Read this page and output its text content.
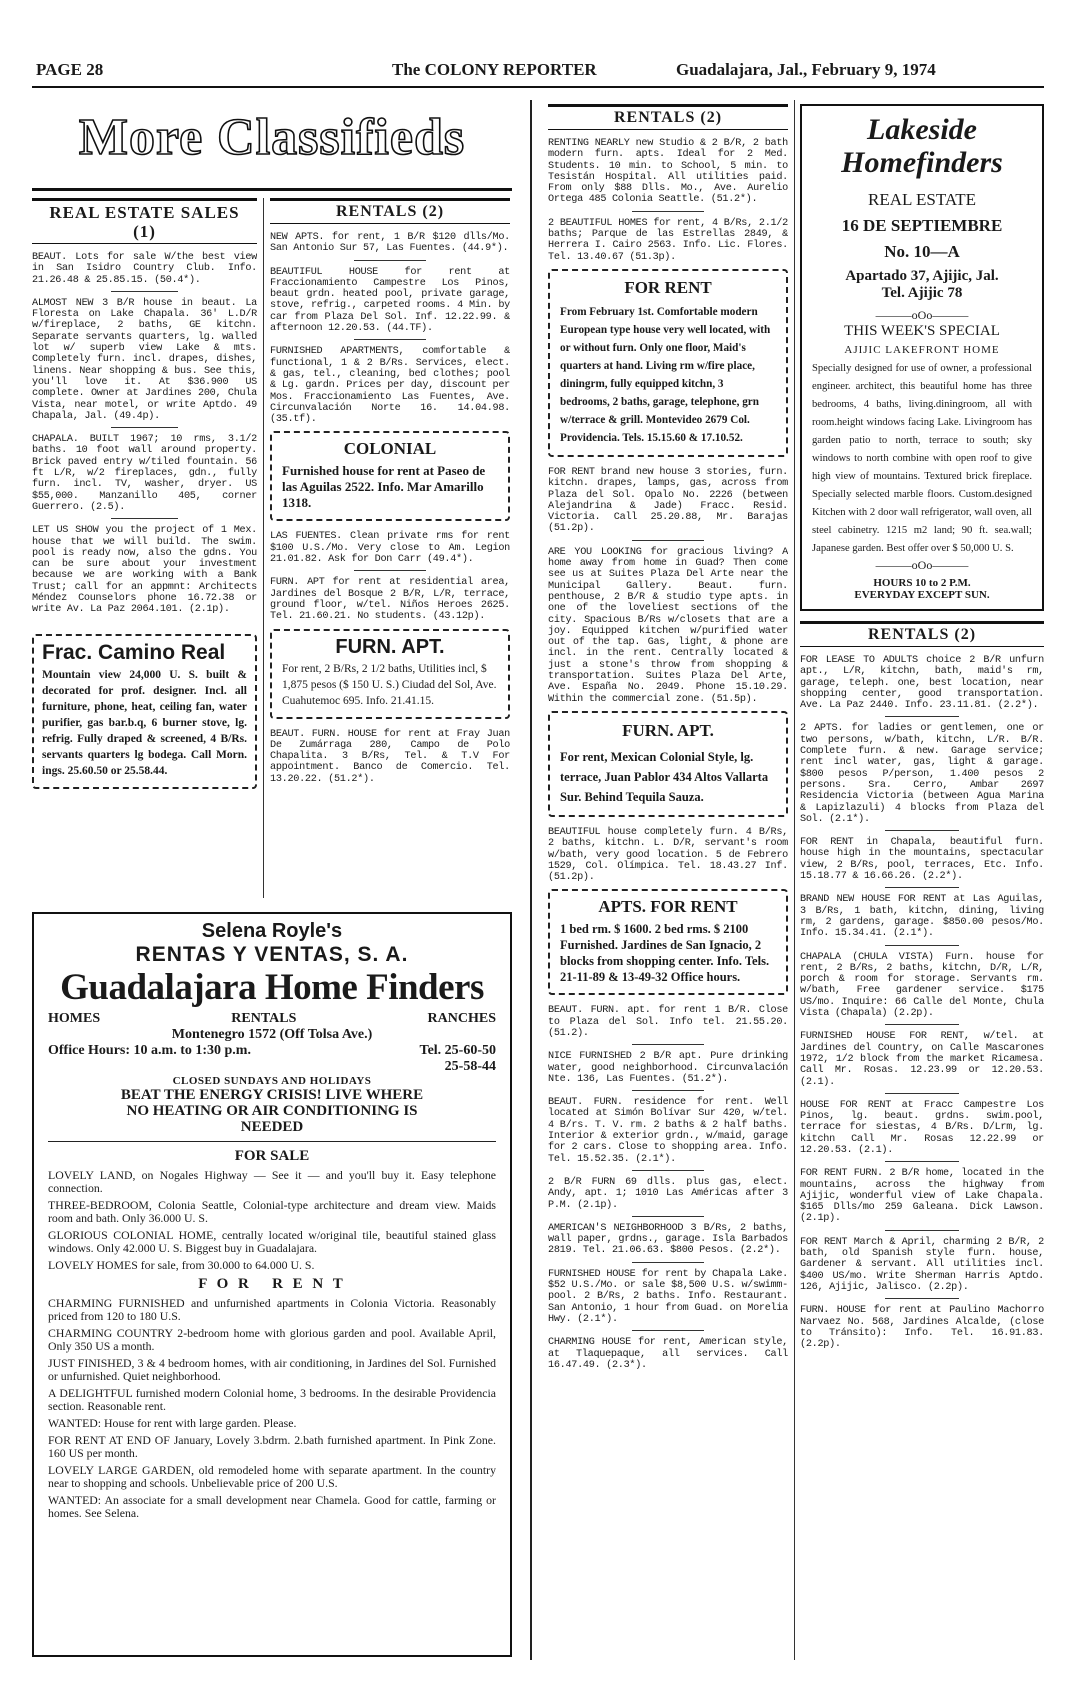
PAGE 28	The COLONY REPORTER	Guadalajara, Jal., February 9, 1974
More Classifieds
REAL ESTATE SALES
(1)
BEAUT. Lots for sale W/the best view in San Isidro Country Club. Info. 21.26.48 & 25.85.15. (50.4*).
ALMOST NEW 3 B/R house in beaut. La Floresta on Lake Chapala. 36' L.D/R w/fireplace, 2 baths, GE kitchn. Separate servants quarters, lg. walled lot w/ superb view Lake & mts. Completely furn. incl. drapes, dishes, linens. Near shopping & bus. See this, you'll love it. At $36.900 US complete. Owner at Jardines 200, Chula Vista, near motel, or write Aptdo. 49 Chapala, Jal. (49.4p).
CHAPALA. BUILT 1967; 10 rms, 3.1/2 baths. 10 foot wall around property. Brick paved entry w/tiled fountain. 56 ft L/R, w/2 fireplaces, gdn., fully furn. incl. TV, washer, dryer. US $55,000. Manzanillo 405, corner Guerrero. (2.5).
LET US SHOW you the project of 1 Mex. house that we will build. The swim. pool is ready now, also the gdns. You can be sure about your investment because we are working with a Bank Trust; call for an appmnt: Architects Méndez Counselors phone 16.72.38 or write Av. La Paz 2064.101. (2.1p).
Frac. Camino Real
Mountain view 24,000 U. S. built & decorated for prof. designer. Incl. all furniture, phone, heat, ceiling fan, water purifier, gas bar.b.q, 6 burner stove, lg. refrig. Fully draped & screened, 4 B/Rs. servants quarters lg bodega. Call Morn. ings. 25.60.50 or 25.58.44.
RENTALS (2)
NEW APTS. for rent, 1 B/R $120 dlls/Mo. San Antonio Sur 57, Las Fuentes. (44.9*).
BEAUTIFUL HOUSE for rent at Fraccionamiento Campestre Los Pinos, beaut grdn. heated pool, private garage, stove, refrig., carpeted rooms. 4 Min. by car from Plaza Del Sol. Inf. 12.22.99. & afternoon 12.20.53. (44.TF).
FURNISHED APARTMENTS, comfortable & functional, 1 & 2 B/Rs. Services, elect. & gas, tel., cleaning, bed clothes; pool & Lg. gardn. Prices per day, discount per Mos. Fraccionamiento Las Fuentes, Ave. Circunvalación Norte 16. 14.04.98. (35.tf).
COLONIAL
Furnished house for rent at Paseo de las Aguilas 2522. Info. Mar Amarillo 1318.
LAS FUENTES. Clean private rms for rent $100 U.S./Mo. Very close to Am. Legion 21.01.82. Ask for Don Carr (49.4*).
FURN. APT for rent at residential area, Jardines del Bosque 2 B/R, L/R, terrace, ground floor, w/tel. Niños Heroes 2625. Tel. 21.60.21. No students. (43.12p).
FURN. APT.
For rent, 2 B/Rs, 2 1/2 baths, Utilities incl, $ 1,875 pesos ($ 150 U. S.) Ciudad del Sol, Ave. Cuahutemoc 695. Info. 21.41.15.
BEAUT. FURN. HOUSE for rent at Fray Juan De Zumárraga 280, Campo de Polo Chapalita. 3 B/Rs, Tel. & T.V For appointment. Banco de Comercio. Tel. 13.20.22. (51.2*).
Selena Royle's
RENTAS Y VENTAS, S. A.
Guadalajara Home Finders
HOMES	RENTALS	RANCHES
Montenegro 1572 (Off Tolsa Ave.)
Office Hours: 10 a.m. to 1:30 p.m.	Tel. 25-60-50
25-58-44
CLOSED SUNDAYS AND HOLIDAYS
BEAT THE ENERGY CRISIS! LIVE WHERE NO HEATING OR AIR CONDITIONING IS NEEDED
FOR SALE

LOVELY LAND, on Nogales Highway — See it — and you'll buy it. Easy telephone connection.

THREE-BEDROOM, Colonia Seattle, Colonial-type architecture and dream view. Maids room and bath. Only 36.000 U. S.

GLORIOUS COLONIAL HOME, centrally located w/original tile, beautiful stained glass windows. Only 42.000 U. S. Biggest buy in Guadalajara.

LOVELY HOMES for sale, from 30.000 to 64.000 U. S.

F O R   R E N T

CHARMING FURNISHED and unfurnished apartments in Colonia Victoria. Reasonably priced from 120 to 180 U.S.

CHARMING COUNTRY 2-bedroom home with glorious garden and pool. Available April, Only 350 US a month.

JUST FINISHED, 3 & 4 bedroom homes, with air conditioning, in Jardines del Sol. Furnished or unfurnished. Quiet neighborhood.

A DELIGHTFUL furnished modern Colonial home, 3 bedrooms. In the desirable Providencia section. Reasonable rent.

WANTED: House for rent with large garden. Please.

FOR RENT AT END OF January, Lovely 3.bdrm. 2.bath furnished apartment. In Pink Zone. 160 US per month.

LOVELY LARGE GARDEN, old remodeled home with separate apartment. In the country near to shopping and schools. Unbelievable price of 200 U.S.

WANTED: An associate for a small development near Chamela. Good for cattle, farming or homes. See Selena.

RENTALS (2)
RENTING NEARLY new Studio & 2 B/R, 2 bath modern furn. apts. Ideal for 2 Med. Students. 10 min. to School, 5 min. to Tesistán Hospital. All utilities paid. From only $88 Dlls. Mo., Ave. Aurelio Ortega 485 Colonia Seattle. (51.2*).
2 BEAUTIFUL HOMES for rent, 4 B/Rs, 2.1/2 baths; Parque de las Estrellas 2849, & Herrera I. Cairo 2563. Info. Lic. Flores. Tel. 13.40.67 (51.3p).
FOR RENT
From February 1st. Comfortable modern European type house very well located, with or without furn. Only one floor, Maid's quarters at hand. Living rm w/fire place, diningrm, fully equipped kitchn, 3 bedrooms, 2 baths, garage, telephone, grn w/terrace & grill. Montevideo 2679 Col. Providencia. Tels. 15.15.60 & 17.10.52.
FOR RENT brand new house 3 stories, furn. kitchn. drapes, lamps, gas, across from Plaza del Sol. Opalo No. 2226 (between Alejandrina & Jade) Fracc. Resid. Victoria. Call 25.20.88, Mr. Barajas (51.2p).
ARE YOU LOOKING for gracious living? A home away from home in Guad? Then come see us at Suites Plaza Del Arte near the Municipal Gallery. Beaut. furn. penthouse, 2 B/R & studio type apts. in one of the loveliest sections of the city. Spacious B/Rs w/closets that are a joy. Equipped kitchen w/purified water out of the tap. Gas, light, & phone are incl. in the rent. Centrally located & just a stone's throw from shopping & transportation. Suites Plaza Del Arte, Ave. España No. 2049. Phone 15.10.29. Within the commercial zone. (51.5p).
FURN. APT.
For rent, Mexican Colonial Style, lg. terrace, Juan Pablor 434 Altos Vallarta Sur. Behind Tequila Sauza.
BEAUTIFUL house completely furn. 4 B/Rs, 2 baths, kitchn. L. D/R, servant's room w/bath, very good location. 5 de Febrero 1529, Col. Olímpica. Tel. 18.43.27 Inf. (51.2p).
APTS. FOR RENT
1 bed rm. $ 1600. 2 bed rms. $ 2100 Furnished. Jardines de San Ignacio, 2 blocks from shopping center. Info. Tels. 21-11-89 & 13-49-32 Office hours.
BEAUT. FURN. apt. for rent 1 B/R. Close to Plaza del Sol. Info tel. 21.55.20. (51.2).
NICE FURNISHED 2 B/R apt. Pure drinking water, good neighborhood. Circunvalación Nte. 136, Las Fuentes. (51.2*).
BEAUT. FURN. residence for rent. Well located at Simón Bolívar Sur 420, w/tel. 4 B/rs. T. V. rm. 2 baths & 2 half baths. Interior & exterior grdn., w/maid, garage for 2 cars. Close to shopping area. Info. Tel. 15.52.35. (2.1*).
2 B/R FURN 69 dlls. plus gas, elect. Andy, apt. 1; 1010 Las Américas after 3 P.M. (2.1p).
AMERICAN'S NEIGHBORHOOD 3 B/Rs, 2 baths, wall paper, grdns., garage. Isla Barbados 2819. Tel. 21.06.63. $800 Pesos. (2.2*).
FURNISHED HOUSE for rent by Chapala Lake. $52 U.S./Mo. or sale $8,500 U.S. w/swimm-pool. 2 B/Rs, 2 baths. Info. Restaurant. San Antonio, 1 hour from Guad. on Morelia Hwy. (2.1*).
CHARMING HOUSE for rent, American style, at Tlaquepaque, all services. Call 16.47.49. (2.3*).
Lakeside
Homefinders
REAL ESTATE
16 DE SEPTIEMBRE
No. 10—A
Apartado 37, Ajijic, Jal.
Tel. Ajijic 78
———oOo———
THIS WEEK'S SPECIAL
AJIJIC LAKEFRONT HOME
Specially designed for use of owner, a professional engineer. architect, this beautiful home has three bedrooms, 4 baths, living.diningroom, all with room.height windows facing Lake. Livingroom has garden patio to north, terrace to south; sky windows to north combine with open roof to give high view of mountains. Textured brick fireplace. Specially selected marble floors. Custom.designed Kitchen with 2 door wall refrigerator, wall oven, all steel cabinetry. 1215 m2 land; 90 ft. sea.wall; Japanese garden. Best offer over $ 50,000 U. S.
———oOo———
HOURS 10 to 2 P.M.
EVERYDAY EXCEPT SUN.
RENTALS (2)
FOR LEASE TO ADULTS choice 2 B/R unfurn apt., L/R, kitchn, bath, maid's rm, garage, teleph. one, best location, near shopping center, good transportation. Ave. La Paz 2440. Info. 23.11.81. (2.2*).
2 APTS. for ladies or gentlemen, one or two persons, w/bath, kitchn, L/R. B/R. Complete furn. & new. Garage service; rent incl water, gas, light & garage. $800 pesos P/person, 1.400 pesos 2 persons. Sra. Cerro, Ambar 2697 Residencia Victoria (between Agua Marina & Lapizlazuli) 4 blocks from Plaza del Sol. (2.1*).
FOR RENT in Chapala, beautiful furn. house high in the mountains, spectacular view, 2 B/Rs, pool, terraces, Etc. Info. 15.18.77 & 16.66.26. (2.2*).
BRAND NEW HOUSE FOR RENT at Las Aguilas, 3 B/Rs, 1 bath, kitchn, dining, living rm, 2 gardens, garage. $850.00 pesos/Mo. Info. 15.34.41. (2.1*).
CHAPALA (CHULA VISTA) Furn. house for rent, 2 B/Rs, 2 baths, kitchn, D/R, L/R, porch & room for storage. Servants rm. w/bath, Free gardener service. $175 US/mo. Inquire: 66 Calle del Monte, Chula Vista (Chapala) (2.2p).
FURNISHED HOUSE FOR RENT, w/tel. at Jardines del Country, on Calle Mascarones 1972, 1/2 block from the market Ricamesa. Call Mr. Rosas. 12.23.99 or 12.20.53. (2.1).
HOUSE FOR RENT at Fracc Campestre Los Pinos, lg. beaut. grdns. swim.pool, terrace for siestas, 4 B/Rs. D/Lrm, lg. kitchn Call Mr. Rosas 12.22.99 or 12.20.53. (2.1).
FOR RENT FURN. 2 B/R home, located in the mountains, across the highway from Ajijic, wonderful view of Lake Chapala. $165 Dlls/mo 259 Galeana. Dick Lawson. (2.1p).
FOR RENT March & April, charming 2 B/R, 2 bath, old Spanish style furn. house, Gardener & servant. All utilities incl. $400 US/mo. Write Sherman Harris Aptdo. 126, Ajijic, Jalisco. (2.2p).
FURN. HOUSE for rent at Paulino Machorro Narvaez No. 568, Jardines Alcalde, (close to Tránsito): Info. Tel. 16.91.83. (2.2p).
